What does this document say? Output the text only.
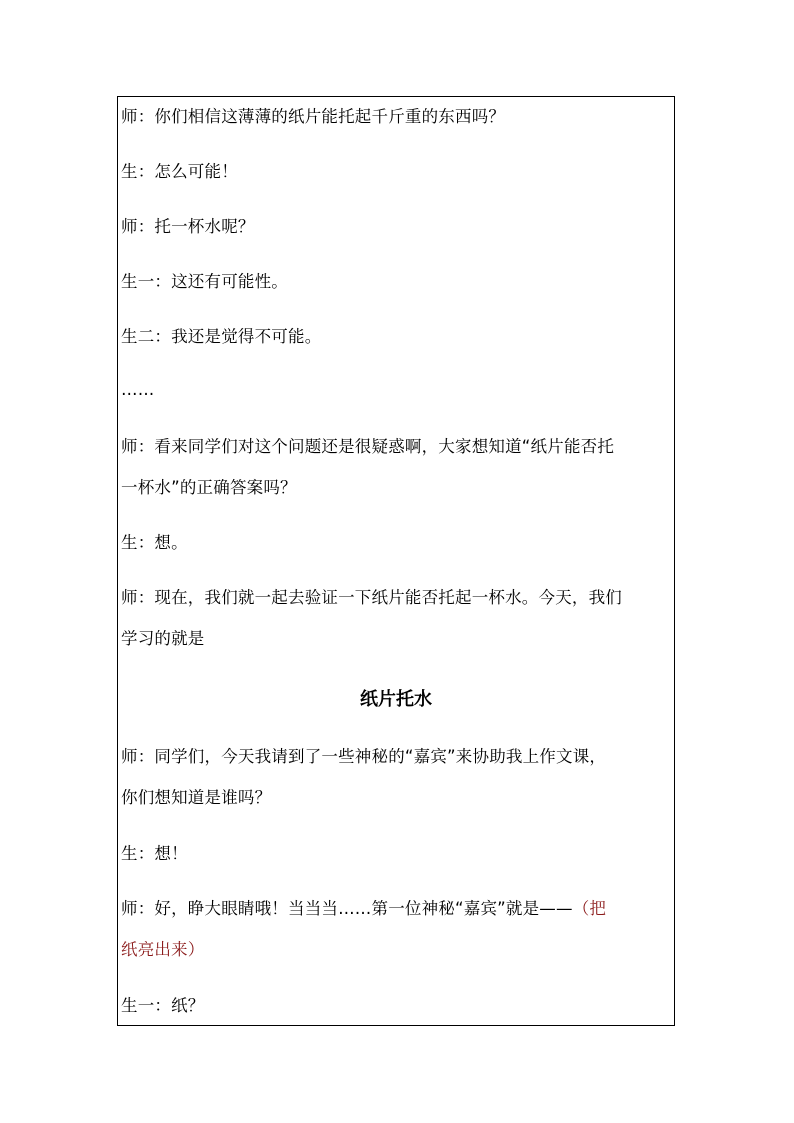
师：你们相信这薄薄的纸片能托起千斤重的东西吗？
生：怎么可能！
师：托一杯水呢？
生一：这还有可能性。
生二：我还是觉得不可能。
……
师：看来同学们对这个问题还是很疑惑啊，大家想知道“纸片能否托
一杯水”的正确答案吗？
生：想。
师：现在，我们就一起去验证一下纸片能否托起一杯水。今天，我们
学习的就是
纸片托水
师：同学们，今天我请到了一些神秘的“嘉宾”来协助我上作文课，
你们想知道是谁吗？
生：想！
师：好，睁大眼睛哦！当当当……第一位神秘“嘉宾”就是——（把
纸亮出来）
生一：纸？
